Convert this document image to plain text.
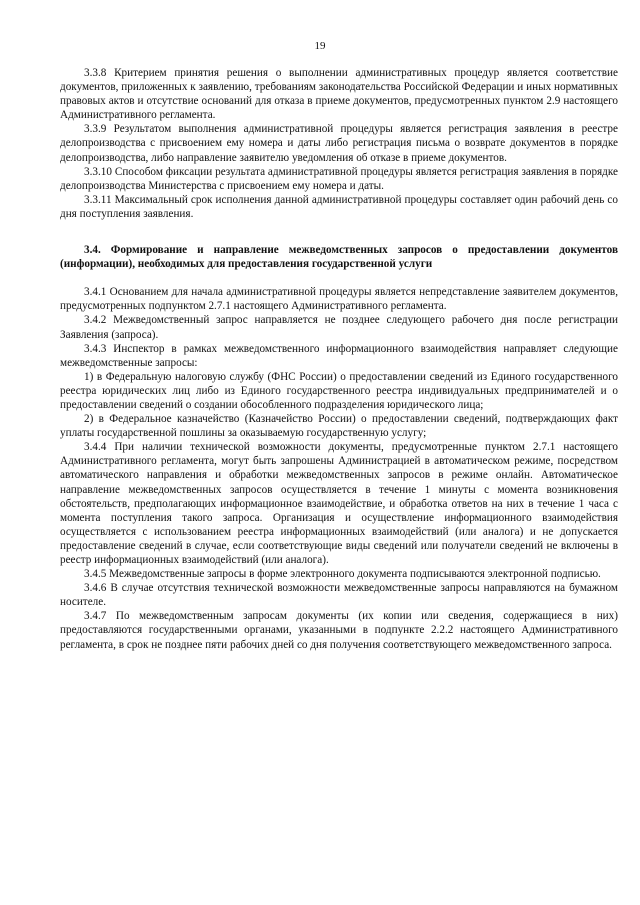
19

3.3.8 Критерием принятия решения о выполнении административных процедур является соответствие документов, приложенных к заявлению, требованиям законодательства Российской Федерации и иных нормативных правовых актов и отсутствие оснований для отказа в приеме документов, предусмотренных пунктом 2.9 настоящего Административного регламента.

3.3.9 Результатом выполнения административной процедуры является регистрация заявления в реестре делопроизводства с присвоением ему номера и даты либо регистрация письма о возврате документов в порядке делопроизводства, либо направление заявителю уведомления об отказе в приеме документов.

3.3.10 Способом фиксации результата административной процедуры является регистрация заявления в порядке делопроизводства Министерства с присвоением ему номера и даты.

3.3.11 Максимальный срок исполнения данной административной процедуры составляет один рабочий день со дня поступления заявления.

3.4. Формирование и направление межведомственных запросов о предоставлении документов (информации), необходимых для предоставления государственной услуги

3.4.1 Основанием для начала административной процедуры является непредставление заявителем документов, предусмотренных подпунктом 2.7.1 настоящего Административного регламента.

3.4.2 Межведомственный запрос направляется не позднее следующего рабочего дня после регистрации Заявления (запроса).

3.4.3 Инспектор в рамках межведомственного информационного взаимодействия направляет следующие межведомственные запросы:

1) в Федеральную налоговую службу (ФНС России) о предоставлении сведений из Единого государственного реестра юридических лиц либо из Единого государственного реестра индивидуальных предпринимателей и о предоставлении сведений о создании обособленного подразделения юридического лица;

2) в Федеральное казначейство (Казначейство России) о предоставлении сведений, подтверждающих факт уплаты государственной пошлины за оказываемую государственную услугу;

3.4.4 При наличии технической возможности документы, предусмотренные пунктом 2.7.1 настоящего Административного регламента, могут быть запрошены Администрацией в автоматическом режиме, посредством автоматического направления и обработки межведомственных запросов в режиме онлайн. Автоматическое направление межведомственных запросов осуществляется в течение 1 минуты с момента возникновения обстоятельств, предполагающих информационное взаимодействие, и обработка ответов на них в течение 1 часа с момента поступления такого запроса. Организация и осуществление информационного взаимодействия осуществляется с использованием реестра информационных взаимодействий (или аналога) и не допускается предоставление сведений в случае, если соответствующие виды сведений или получатели сведений не включены в реестр информационных взаимодействий (или аналога).

3.4.5 Межведомственные запросы в форме электронного документа подписываются электронной подписью.

3.4.6 В случае отсутствия технической возможности межведомственные запросы направляются на бумажном носителе.

3.4.7 По межведомственным запросам документы (их копии или сведения, содержащиеся в них) предоставляются государственными органами, указанными в подпункте 2.2.2 настоящего Административного регламента, в срок не позднее пяти рабочих дней со дня получения соответствующего межведомственного запроса.
